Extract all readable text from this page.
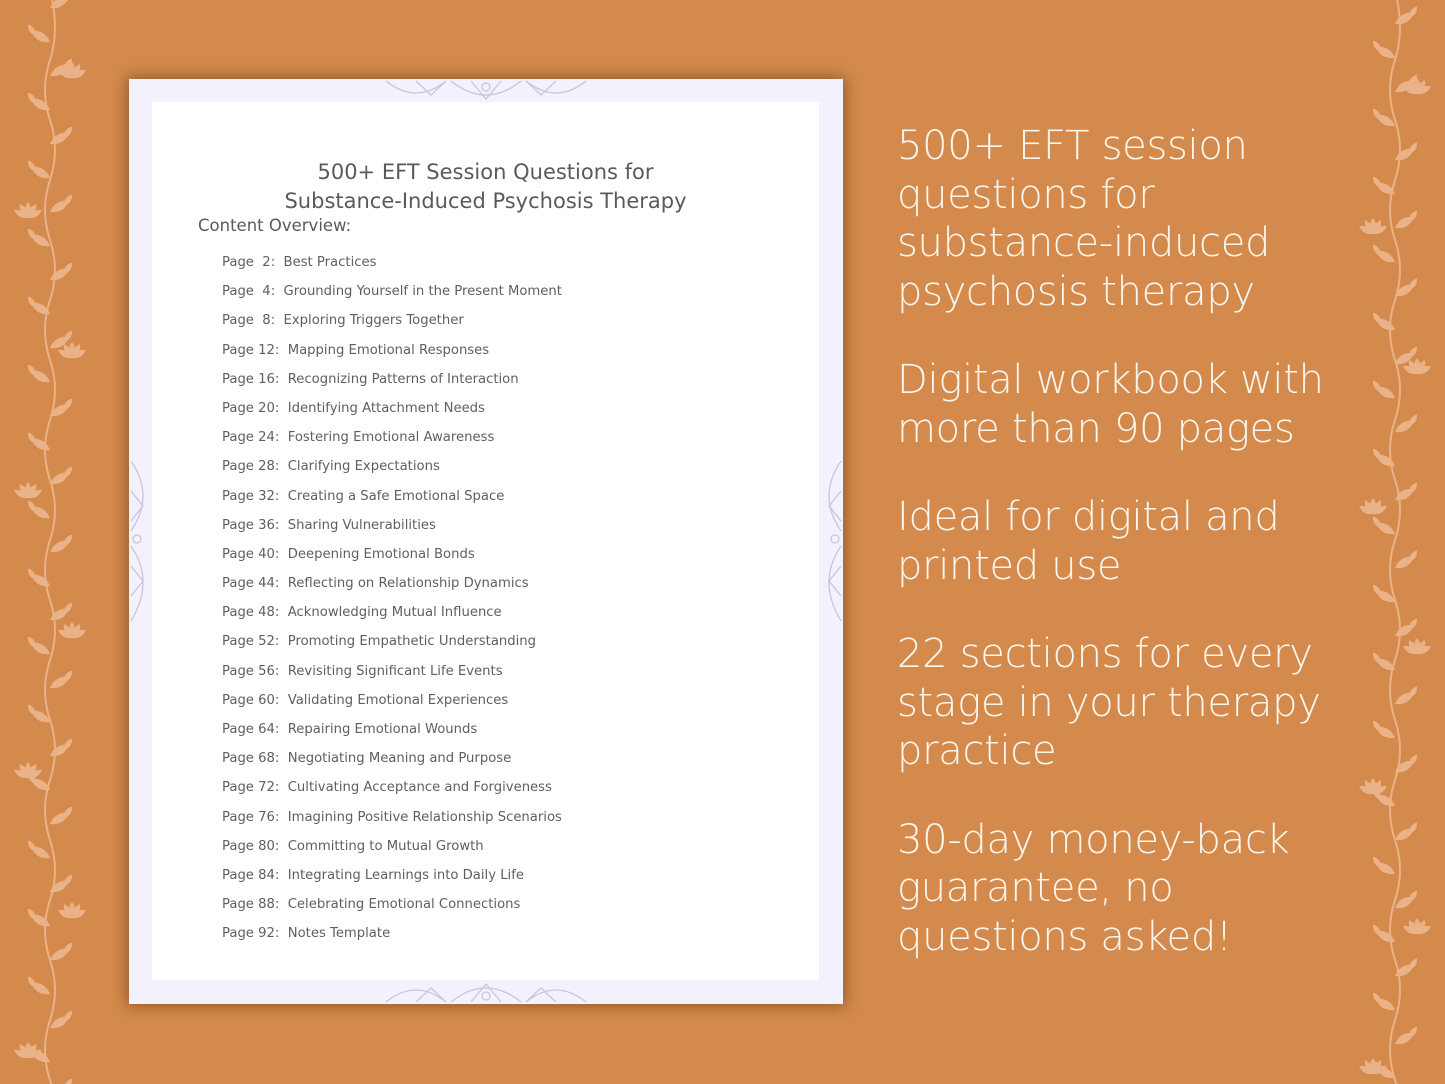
500+ EFT Session Questions for
Substance-Induced Psychosis Therapy
Content Overview:
Page  2:  Best Practices
Page  4:  Grounding Yourself in the Present Moment
Page  8:  Exploring Triggers Together
Page 12:  Mapping Emotional Responses
Page 16:  Recognizing Patterns of Interaction
Page 20:  Identifying Attachment Needs
Page 24:  Fostering Emotional Awareness
Page 28:  Clarifying Expectations
Page 32:  Creating a Safe Emotional Space
Page 36:  Sharing Vulnerabilities
Page 40:  Deepening Emotional Bonds
Page 44:  Reflecting on Relationship Dynamics
Page 48:  Acknowledging Mutual Influence
Page 52:  Promoting Empathetic Understanding
Page 56:  Revisiting Significant Life Events
Page 60:  Validating Emotional Experiences
Page 64:  Repairing Emotional Wounds
Page 68:  Negotiating Meaning and Purpose
Page 72:  Cultivating Acceptance and Forgiveness
Page 76:  Imagining Positive Relationship Scenarios
Page 80:  Committing to Mutual Growth
Page 84:  Integrating Learnings into Daily Life
Page 88:  Celebrating Emotional Connections
Page 92:  Notes Template

500+ EFT session questions for substance-induced psychosis therapy

Digital workbook with more than 90 pages

Ideal for digital and printed use

22 sections for every stage in your therapy practice

30-day money-back guarantee, no questions asked!
